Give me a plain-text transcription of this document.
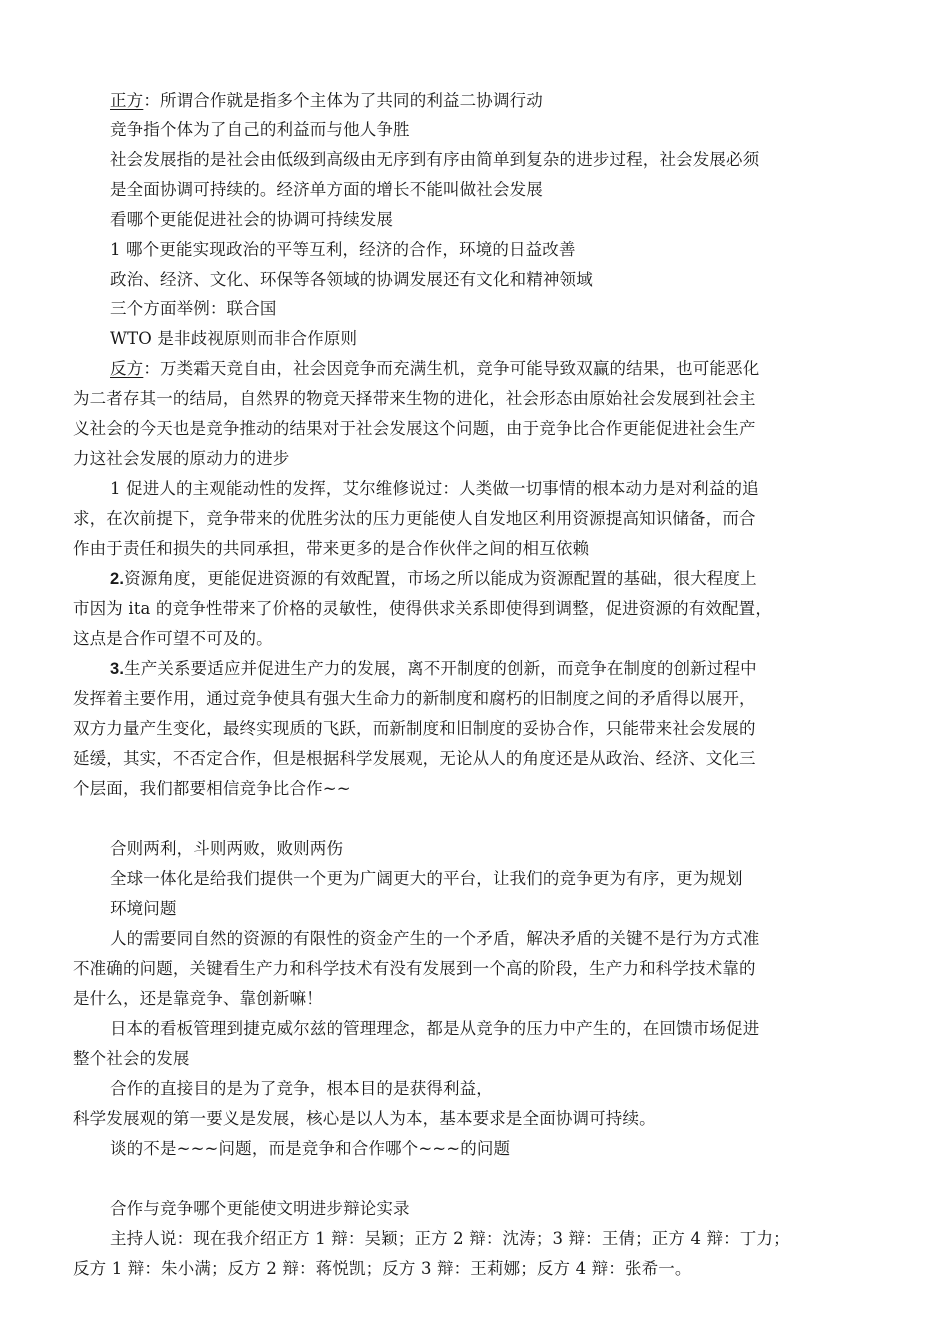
正方：所谓合作就是指多个主体为了共同的利益二协调行动

竞争指个体为了自己的利益而与他人争胜

社会发展指的是社会由低级到高级由无序到有序由简单到复杂的进步过程，社会发展必须

是全面协调可持续的。经济单方面的增长不能叫做社会发展

看哪个更能促进社会的协调可持续发展

1 哪个更能实现政治的平等互利，经济的合作，环境的日益改善

政治、经济、文化、环保等各领域的协调发展还有文化和精神领域

三个方面举例：联合国

WTO 是非歧视原则而非合作原则

反方：万类霜天竞自由，社会因竞争而充满生机，竞争可能导致双赢的结果，也可能恶化

为二者存其一的结局，自然界的物竞天择带来生物的进化，社会形态由原始社会发展到社会主

义社会的今天也是竞争推动的结果对于社会发展这个问题，由于竞争比合作更能促进社会生产

力这社会发展的原动力的进步

1 促进人的主观能动性的发挥，艾尔维修说过：人类做一切事情的根本动力是对利益的追

求，在次前提下，竞争带来的优胜劣汰的压力更能使人自发地区利用资源提高知识储备，而合

作由于责任和损失的共同承担，带来更多的是合作伙伴之间的相互依赖

2.资源角度，更能促进资源的有效配置，市场之所以能成为资源配置的基础，很大程度上

市因为 ita 的竞争性带来了价格的灵敏性，使得供求关系即使得到调整，促进资源的有效配置，

这点是合作可望不可及的。

3.生产关系要适应并促进生产力的发展，离不开制度的创新，而竞争在制度的创新过程中

发挥着主要作用，通过竞争使具有强大生命力的新制度和腐朽的旧制度之间的矛盾得以展开，

双方力量产生变化，最终实现质的飞跃，而新制度和旧制度的妥协合作，只能带来社会发展的

延缓，其实，不否定合作，但是根据科学发展观，无论从人的角度还是从政治、经济、文化三

个层面，我们都要相信竞争比合作~~

合则两利，斗则两败，败则两伤

全球一体化是给我们提供一个更为广阔更大的平台，让我们的竞争更为有序，更为规划

环境问题

人的需要同自然的资源的有限性的资金产生的一个矛盾，解决矛盾的关键不是行为方式准

不准确的问题，关键看生产力和科学技术有没有发展到一个高的阶段，生产力和科学技术靠的

是什么，还是靠竞争、靠创新嘛！

日本的看板管理到捷克威尔兹的管理理念，都是从竞争的压力中产生的，在回馈市场促进

整个社会的发展

合作的直接目的是为了竞争，根本目的是获得利益，

科学发展观的第一要义是发展，核心是以人为本，基本要求是全面协调可持续。

谈的不是~~~问题，而是竞争和合作哪个~~~的问题

合作与竞争哪个更能使文明进步辩论实录

主持人说：现在我介绍正方 1 辩：吴颖；正方 2 辩：沈涛；3 辩：王倩；正方 4 辩：丁力；

反方 1 辩：朱小满；反方 2 辩：蒋悦凯；反方 3 辩：王莉娜；反方 4 辩：张希一。
